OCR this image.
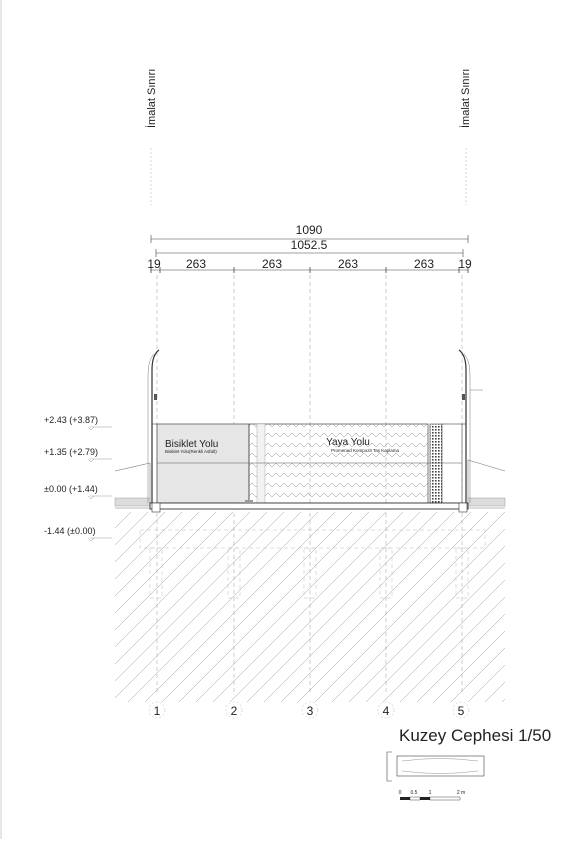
İmalat Sınırı	İmalat Sınırı
1090
1052.5
19 263	263	263	263 19
Bisiklet Yolu
Bisiklet Yolu(Renkli Asfalt)
Yaya Yolu
Promenad Kompozit Taş Kaplama
+2.43 (+3.87)
+1.35 (+2.79)
±0.00 (+1.44)
-1.44 (±0.00)
1	2	3	4	5
Kuzey Cephesi 1/50
0 0.5 1	2 m
